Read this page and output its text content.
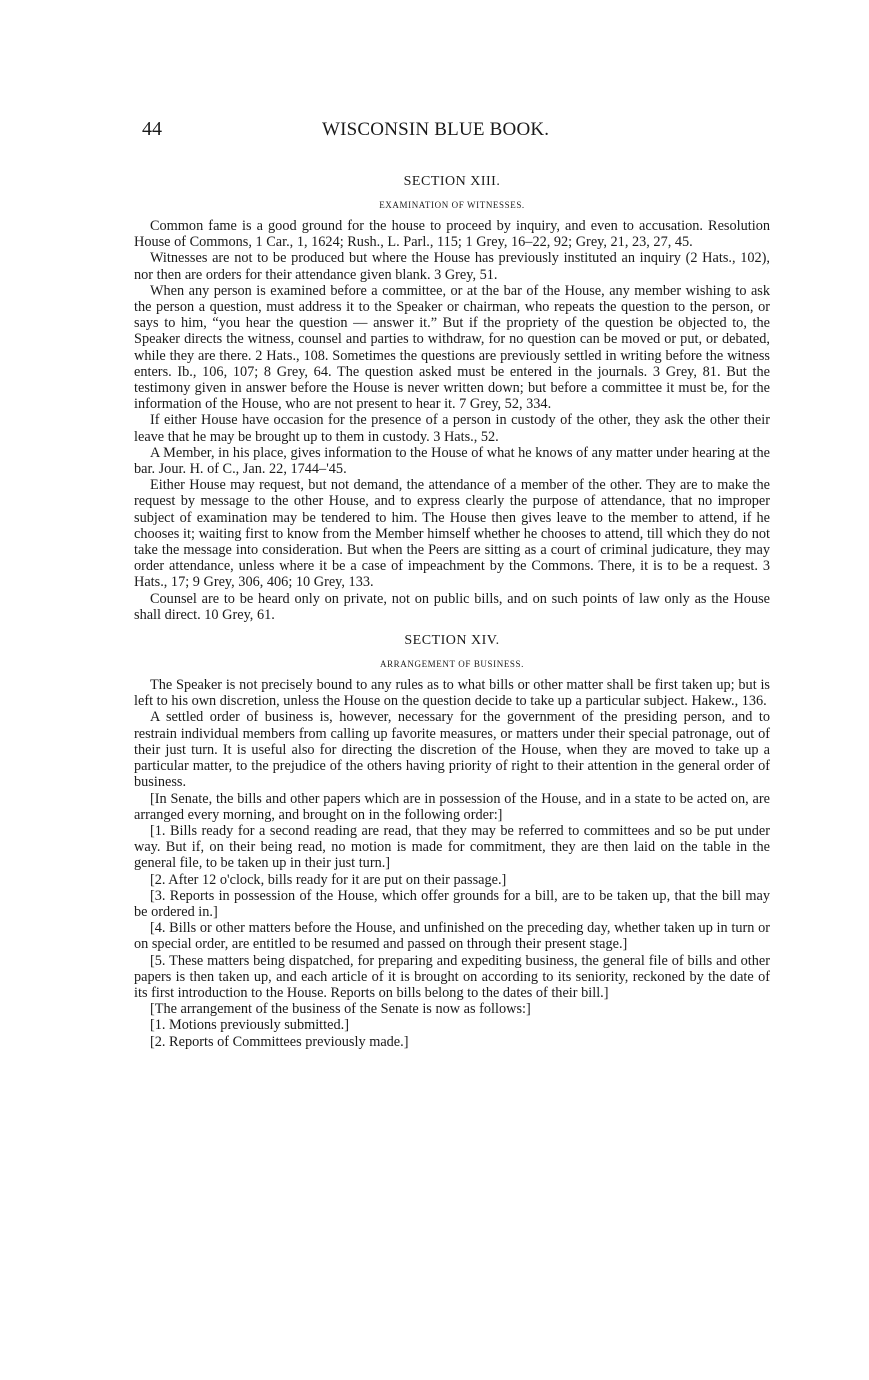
44	WISCONSIN BLUE BOOK.
SECTION XIII.
EXAMINATION OF WITNESSES.

Common fame is a good ground for the house to proceed by inquiry, and even to accusation. Resolution House of Commons, 1 Car., 1, 1624; Rush., L. Parl., 115; 1 Grey, 16–22, 92; Grey, 21, 23, 27, 45.

Witnesses are not to be produced but where the House has previously instituted an inquiry (2 Hats., 102), nor then are orders for their attendance given blank. 3 Grey, 51.

When any person is examined before a committee, or at the bar of the House, any member wishing to ask the person a question, must address it to the Speaker or chairman, who repeats the question to the person, or says to him, “you hear the question — answer it.” But if the propriety of the question be objected to, the Speaker directs the witness, counsel and parties to withdraw, for no question can be moved or put, or debated, while they are there. 2 Hats., 108. Sometimes the questions are previously settled in writing before the witness enters. Ib., 106, 107; 8 Grey, 64. The question asked must be entered in the journals. 3 Grey, 81. But the testimony given in answer before the House is never written down; but before a committee it must be, for the information of the House, who are not present to hear it. 7 Grey, 52, 334.

If either House have occasion for the presence of a person in custody of the other, they ask the other their leave that he may be brought up to them in custody. 3 Hats., 52.

A Member, in his place, gives information to the House of what he knows of any matter under hearing at the bar. Jour. H. of C., Jan. 22, 1744–'45.

Either House may request, but not demand, the attendance of a member of the other. They are to make the request by message to the other House, and to express clearly the purpose of attendance, that no improper subject of examination may be tendered to him. The House then gives leave to the member to attend, if he chooses it; waiting first to know from the Member himself whether he chooses to attend, till which they do not take the message into consideration. But when the Peers are sitting as a court of criminal judicature, they may order attendance, unless where it be a case of impeachment by the Commons. There, it is to be a request. 3 Hats., 17; 9 Grey, 306, 406; 10 Grey, 133.

Counsel are to be heard only on private, not on public bills, and on such points of law only as the House shall direct. 10 Grey, 61.

SECTION XIV.
ARRANGEMENT OF BUSINESS.

The Speaker is not precisely bound to any rules as to what bills or other matter shall be first taken up; but is left to his own discretion, unless the House on the question decide to take up a particular subject. Hakew., 136.

A settled order of business is, however, necessary for the government of the presiding person, and to restrain individual members from calling up favorite measures, or matters under their special patronage, out of their just turn. It is useful also for directing the discretion of the House, when they are moved to take up a particular matter, to the prejudice of the others having priority of right to their attention in the general order of business.

[In Senate, the bills and other papers which are in possession of the House, and in a state to be acted on, are arranged every morning, and brought on in the following order:]

[1. Bills ready for a second reading are read, that they may be referred to committees and so be put under way. But if, on their being read, no motion is made for commitment, they are then laid on the table in the general file, to be taken up in their just turn.]

[2. After 12 o'clock, bills ready for it are put on their passage.]

[3. Reports in possession of the House, which offer grounds for a bill, are to be taken up, that the bill may be ordered in.]

[4. Bills or other matters before the House, and unfinished on the preceding day, whether taken up in turn or on special order, are entitled to be resumed and passed on through their present stage.]

[5. These matters being dispatched, for preparing and expediting business, the general file of bills and other papers is then taken up, and each article of it is brought on according to its seniority, reckoned by the date of its first introduction to the House. Reports on bills belong to the dates of their bill.]

[The arrangement of the business of the Senate is now as follows:]

[1. Motions previously submitted.]

[2. Reports of Committees previously made.]
